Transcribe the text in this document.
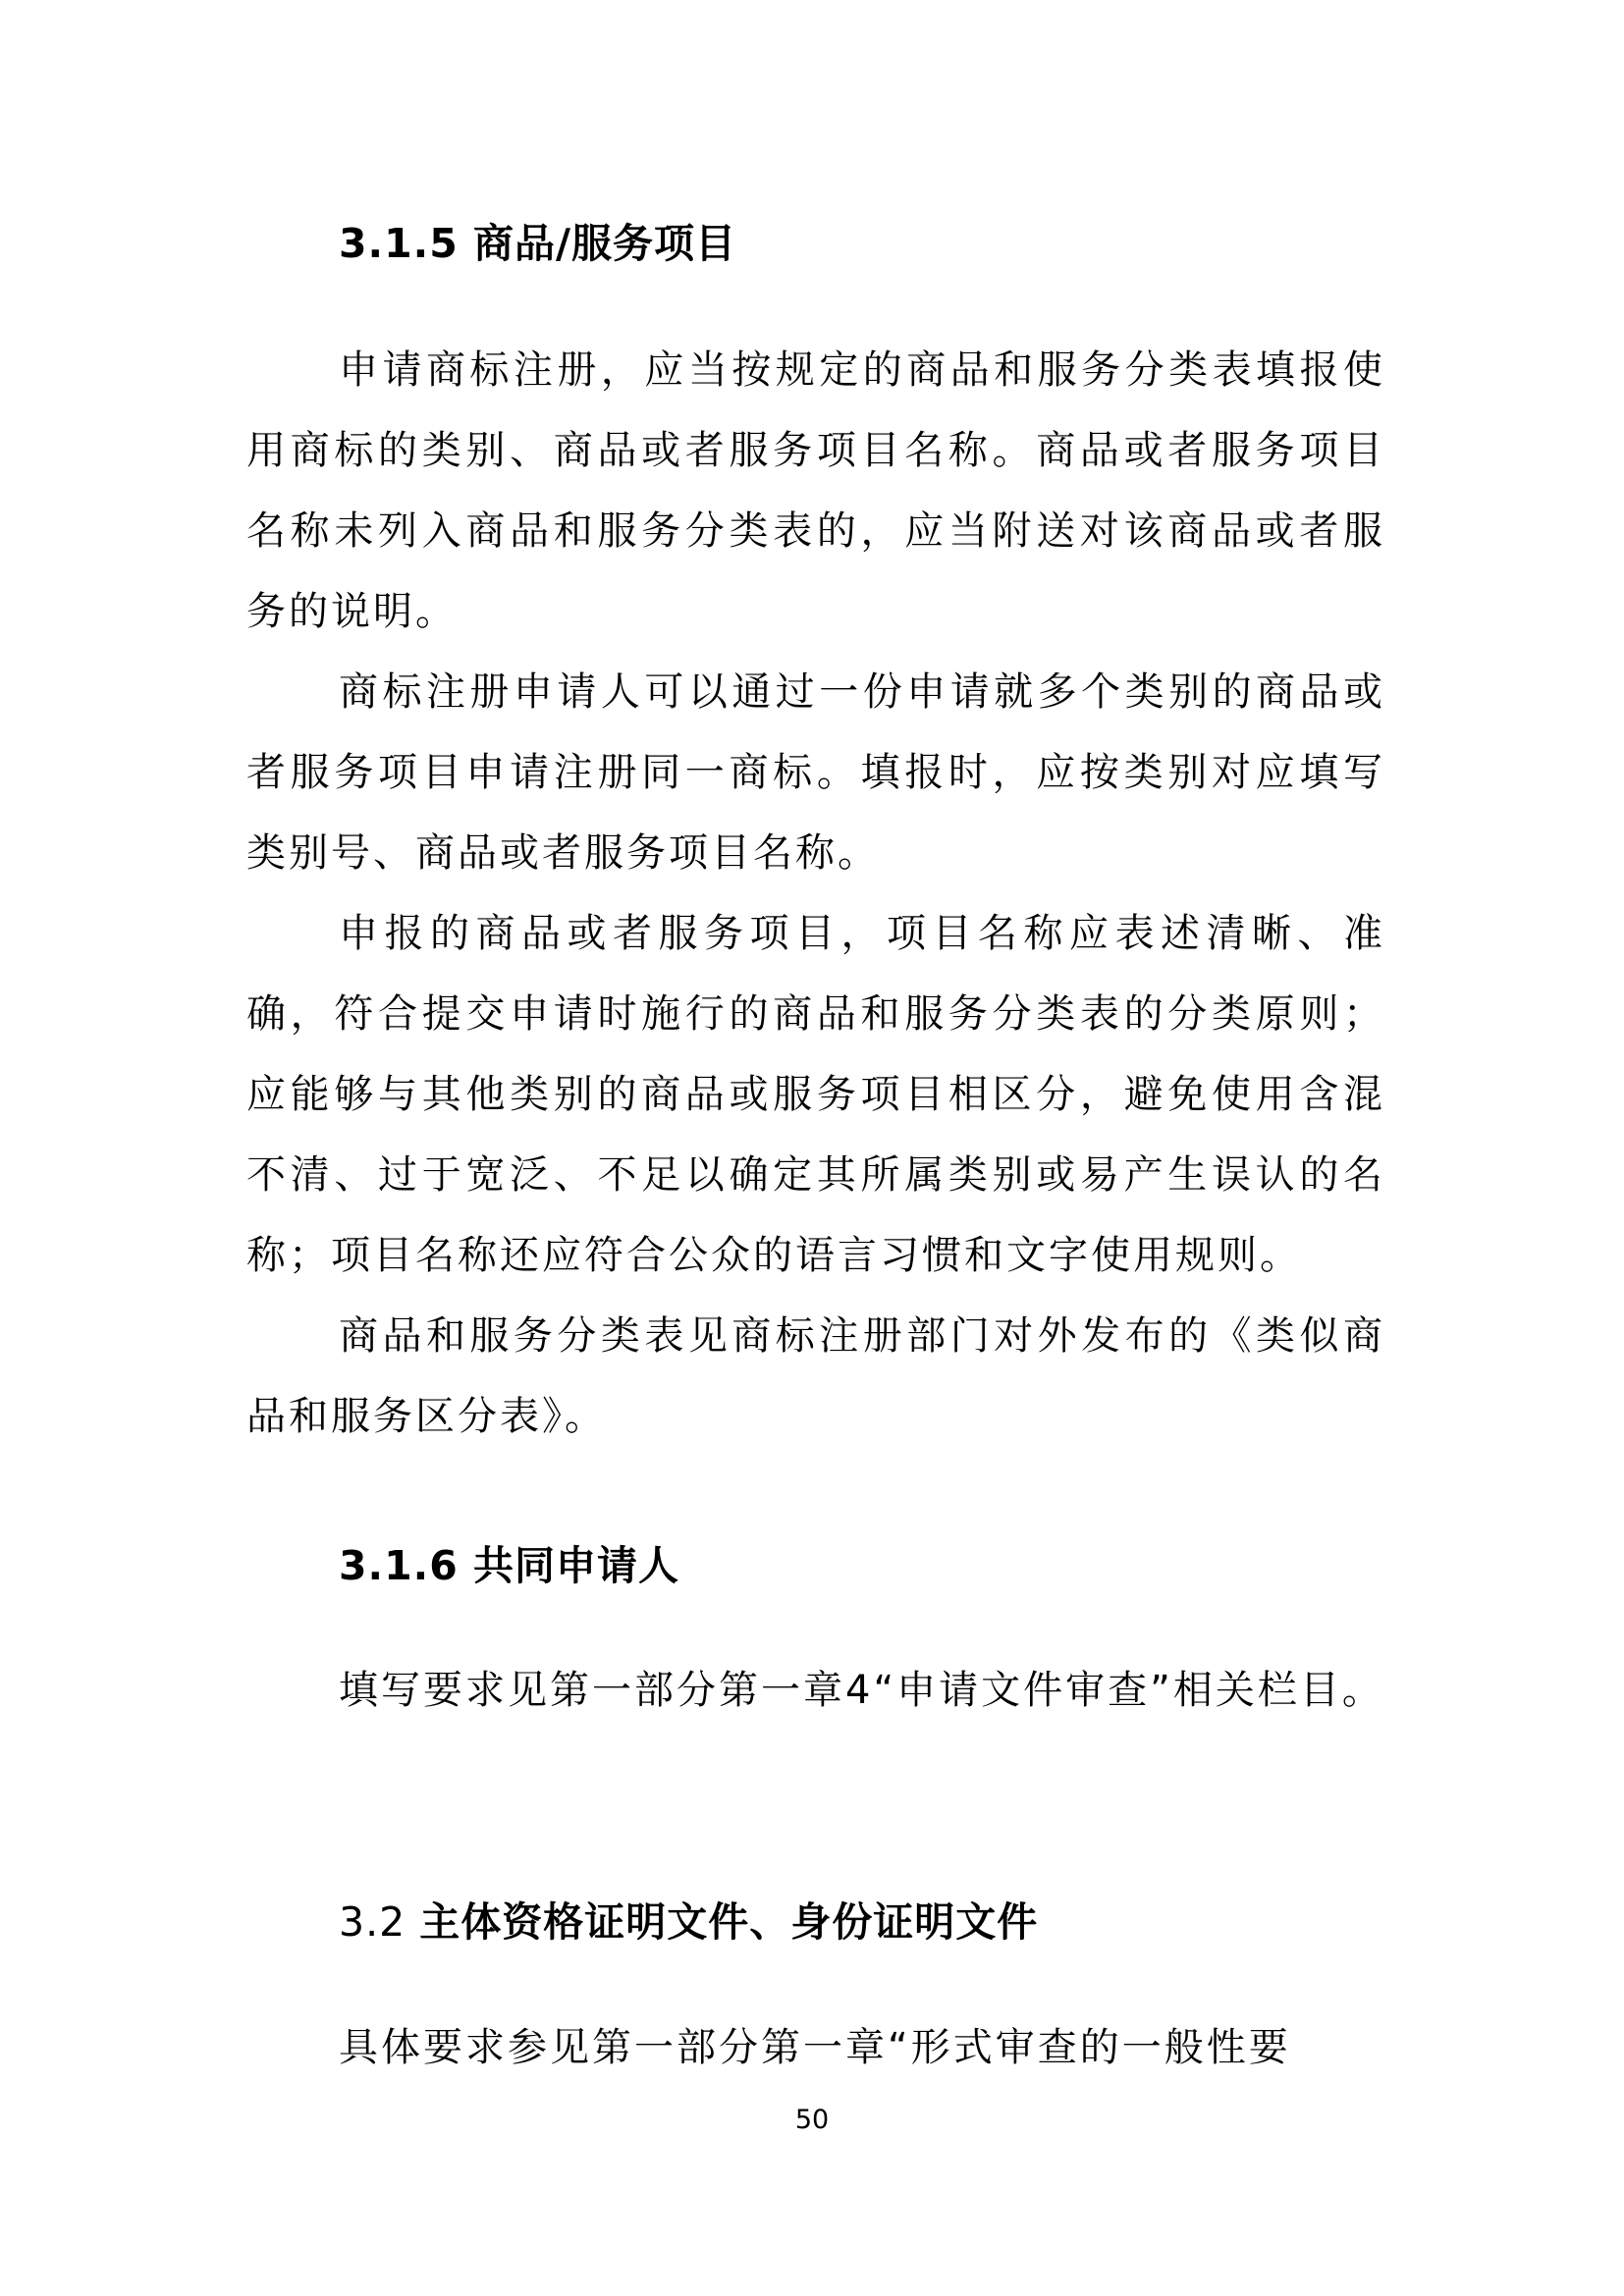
3.1.5 商品/服务项目

申请商标注册，应当按规定的商品和服务分类表填报使用商标的类别、商品或者服务项目名称。商品或者服务项目名称未列入商品和服务分类表的，应当附送对该商品或者服务的说明。

商标注册申请人可以通过一份申请就多个类别的商品或者服务项目申请注册同一商标。填报时，应按类别对应填写类别号、商品或者服务项目名称。

申报的商品或者服务项目，项目名称应表述清晰、准确，符合提交申请时施行的商品和服务分类表的分类原则；应能够与其他类别的商品或服务项目相区分，避免使用含混不清、过于宽泛、不足以确定其所属类别或易产生误认的名称；项目名称还应符合公众的语言习惯和文字使用规则。

商品和服务分类表见商标注册部门对外发布的《类似商品和服务区分表》。

3.1.6 共同申请人

填写要求见第一部分第一章4“申请文件审查”相关栏目。

3.2 主体资格证明文件、身份证明文件

具体要求参见第一部分第一章“形式审查的一般性要

50
